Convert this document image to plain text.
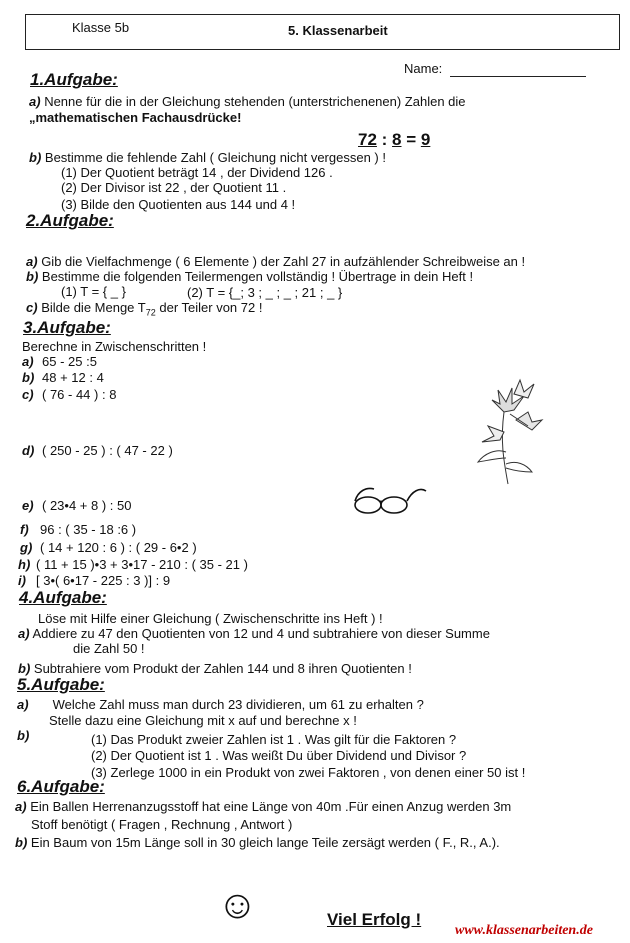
Klasse 5b	5. Klassenarbeit
Name:
1.Aufgabe:
a) Nenne für die in der Gleichung stehenden (unterstrichenenen) Zahlen die
„mathematischen Fachausdrücke!
72 : 8 = 9
b) Bestimme die fehlende Zahl ( Gleichung nicht vergessen ) !
(1) Der Quotient beträgt 14 , der Dividend 126 .
(2) Der Divisor ist 22 , der Quotient 11 .
(3) Bilde den Quotienten aus 144 und 4 !
2.Aufgabe:
a) Gib die Vielfachmenge ( 6 Elemente ) der Zahl 27 in aufzählender Schreibweise an !
b) Bestimme die folgenden Teilermengen vollständig ! Übertrage in dein Heft !
(1) T = { _ }	(2) T = {_; 3 ; _ ; _ ; 21 ; _ }
c) Bilde die Menge $T_{72}$ der Teiler von 72 !
3.Aufgabe:
Berechne in Zwischenschritten !
a) 65 - 25 :5
b) 48 + 12 : 4
c) ( 76 - 44 ) : 8
d) ( 250 - 25 ) : ( 47 - 22 )
e) ( 23•4 + 8 ) : 50
f) 96 : ( 35 - 18 :6 )
g) ( 14 + 120 : 6 ) : ( 29 - 6•2 )
h) ( 11 + 15 )•3 + 3•17 - 210 : ( 35 - 21 )
i) [ 3•( 6•17 - 225 : 3 )] : 9
4.Aufgabe:
Löse mit Hilfe einer Gleichung ( Zwischenschritte ins Heft ) !
a) Addiere zu 47 den Quotienten von 12 und 4 und subtrahiere von dieser Summe
die Zahl 50 !
b) Subtrahiere vom Produkt der Zahlen 144 und 8 ihren Quotienten !
5.Aufgabe:
a) Welche Zahl muss man durch 23 dividieren, um 61 zu erhalten ?
Stelle dazu eine Gleichung mit x auf und berechne x !
b)	(1) Das Produkt zweier Zahlen ist 1 . Was gilt für die Faktoren ?
(2) Der Quotient ist 1 . Was weißt Du über Dividend und Divisor ?
(3) Zerlege 1000 in ein Produkt von zwei Faktoren , von denen einer 50 ist !
6.Aufgabe:
a) Ein Ballen Herrenanzugsstoff hat eine Länge von 40m .Für einen Anzug werden 3m
Stoff benötigt ( Fragen , Rechnung , Antwort )
b) Ein Baum von 15m Länge soll in 30 gleich lange Teile zersägt werden ( F., R., A.).
☺	Viel Erfolg !
www.klassenarbeiten.de
